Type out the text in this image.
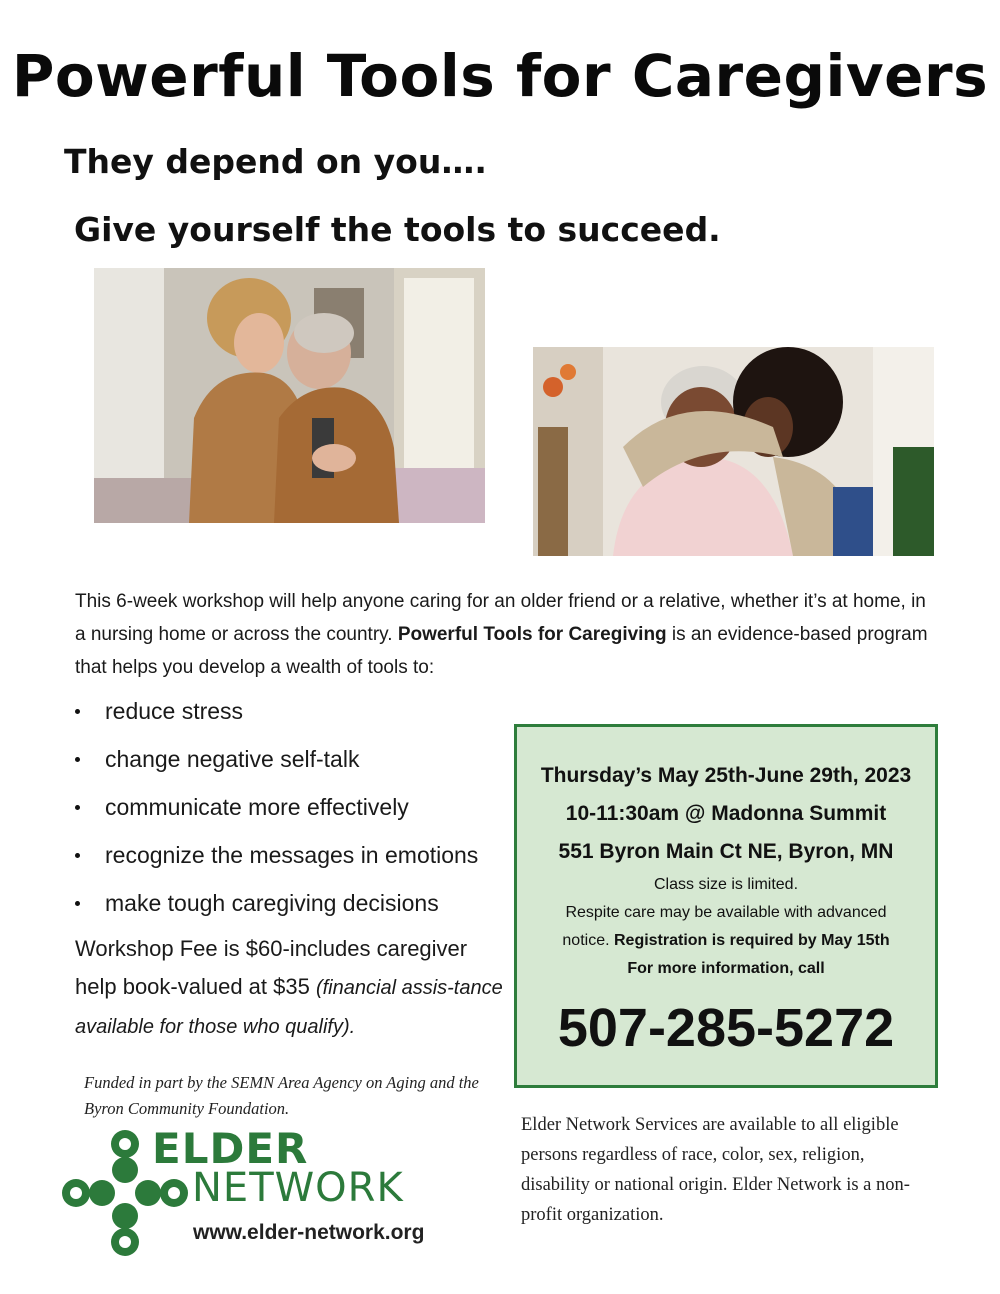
Powerful Tools for Caregivers
They depend on you….
Give yourself the tools to succeed.
This 6-week workshop will help anyone caring for an older friend or a relative, whether it’s at home, in a nursing home or across the country. Powerful Tools for Caregiving is an evidence-based program that helps you develop a wealth of tools to:
reduce stress
change negative self-talk
communicate more effectively
recognize the messages in emotions
make tough caregiving decisions
Workshop Fee is $60-includes caregiver help book-valued at $35 (financial assis-tance available for those who qualify).
Funded in part by the SEMN Area Agency on Aging and the Byron Community Foundation.
ELDER
NETWORK
www.elder-network.org
Thursday’s May 25th-June 29th, 2023
10-11:30am @ Madonna Summit
551 Byron Main Ct NE, Byron, MN
Class size is limited.
Respite care may be available with advanced
notice. Registration is required by May 15th
For more information, call
507-285-5272
Elder Network Services are available to all eligible persons regardless of race, color, sex, religion, disability or national origin. Elder Network is a non-profit organization.
